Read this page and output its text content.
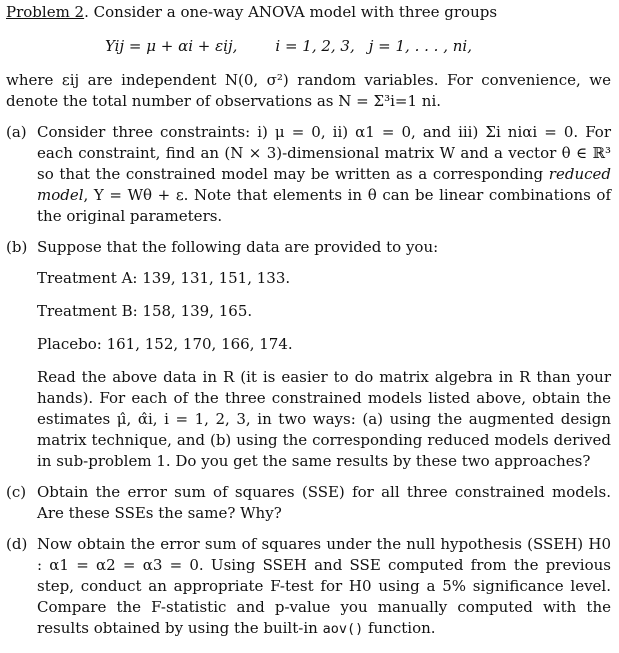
Problem 2. Consider a one-way ANOVA model with three groups

Yij = μ + αi + εij,	i = 1, 2, 3, j = 1, . . . , ni,

where εij are independent N(0, σ²) random variables. For convenience, we denote the total number of observations as N = Σ³i=1 ni.

(a) Consider three constraints: i) μ = 0, ii) α1 = 0, and iii) Σi niαi = 0. For each constraint, find an (N × 3)-dimensional matrix W and a vector θ ∈ ℝ³ so that the constrained model may be written as a corresponding reduced model, Y = Wθ + ε. Note that elements in θ can be linear combinations of the original parameters.
(b) Suppose that the following data are provided to you:
Treatment A: 139, 131, 151, 133.
Treatment B: 158, 139, 165.
Placebo: 161, 152, 170, 166, 174.
Read the above data in R (it is easier to do matrix algebra in R than your hands). For each of the three constrained models listed above, obtain the estimates μ̂, α̂i, i = 1, 2, 3, in two ways: (a) using the augmented design matrix technique, and (b) using the corresponding reduced models derived in sub-problem 1. Do you get the same results by these two approaches?
(c) Obtain the error sum of squares (SSE) for all three constrained models. Are these SSEs the same? Why?
(d) Now obtain the error sum of squares under the null hypothesis (SSEH) H0 : α1 = α2 = α3 = 0. Using SSEH and SSE computed from the previous step, conduct an appropriate F-test for H0 using a 5% significance level. Compare the F-statistic and p-value you manually computed with the results obtained by using the built-in aov() function.
